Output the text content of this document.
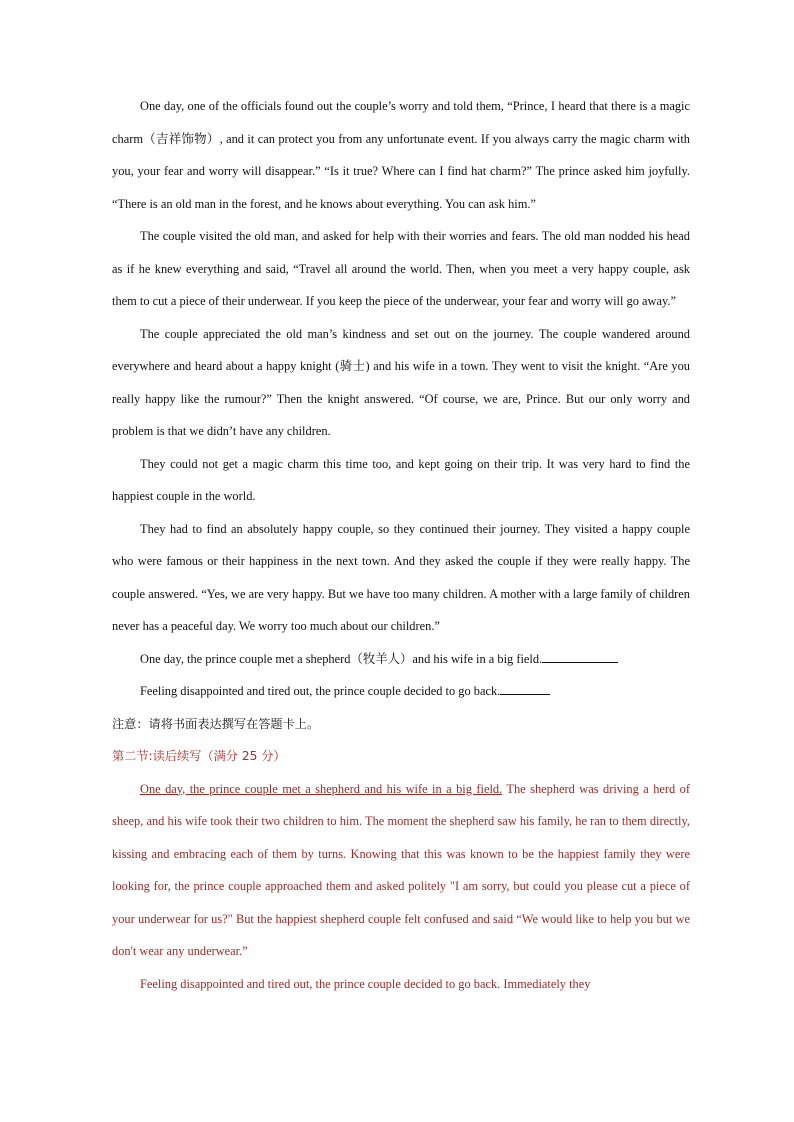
One day, one of the officials found out the couple’s worry and told them, “Prince, I heard that there is a magic charm（吉祥饰物）, and it can protect you from any unfortunate event. If you always carry the magic charm with you, your fear and worry will disappear.” “Is it true? Where can I find hat charm?” The prince asked him joyfully. “There is an old man in the forest, and he knows about everything. You can ask him.”

The couple visited the old man, and asked for help with their worries and fears. The old man nodded his head as if he knew everything and said, “Travel all around the world. Then, when you meet a very happy couple, ask them to cut a piece of their underwear. If you keep the piece of the underwear, your fear and worry will go away.”

The couple appreciated the old man’s kindness and set out on the journey. The couple wandered around everywhere and heard about a happy knight (骑士) and his wife in a town. They went to visit the knight. “Are you really happy like the rumour?” Then the knight answered. “Of course, we are, Prince. But our only worry and problem is that we didn’t have any children.

They could not get a magic charm this time too, and kept going on their trip. It was very hard to find the happiest couple in the world.

They had to find an absolutely happy couple, so they continued their journey. They visited a happy couple who were famous or their happiness in the next town. And they asked the couple if they were really happy. The couple answered. “Yes, we are very happy. But we have too many children. A mother with a large family of children never has a peaceful day. We worry too much about our children.”

One day, the prince couple met a shepherd（牧羊人）and his wife in a big field.

Feeling disappointed and tired out, the prince couple decided to go back.

注意：请将书面表达撰写在答题卡上。

第二节:读后续写（满分 25 分）

One day, the prince couple met a shepherd and his wife in a big field. The shepherd was driving a herd of sheep, and his wife took their two children to him. The moment the shepherd saw his family, he ran to them directly, kissing and embracing each of them by turns. Knowing that this was known to be the happiest family they were looking for, the prince couple approached them and asked politely "I am sorry, but could you please cut a piece of your underwear for us?" But the happiest shepherd couple felt confused and said “We would like to help you but we don't wear any underwear.”

Feeling disappointed and tired out, the prince couple decided to go back. Immediately they
